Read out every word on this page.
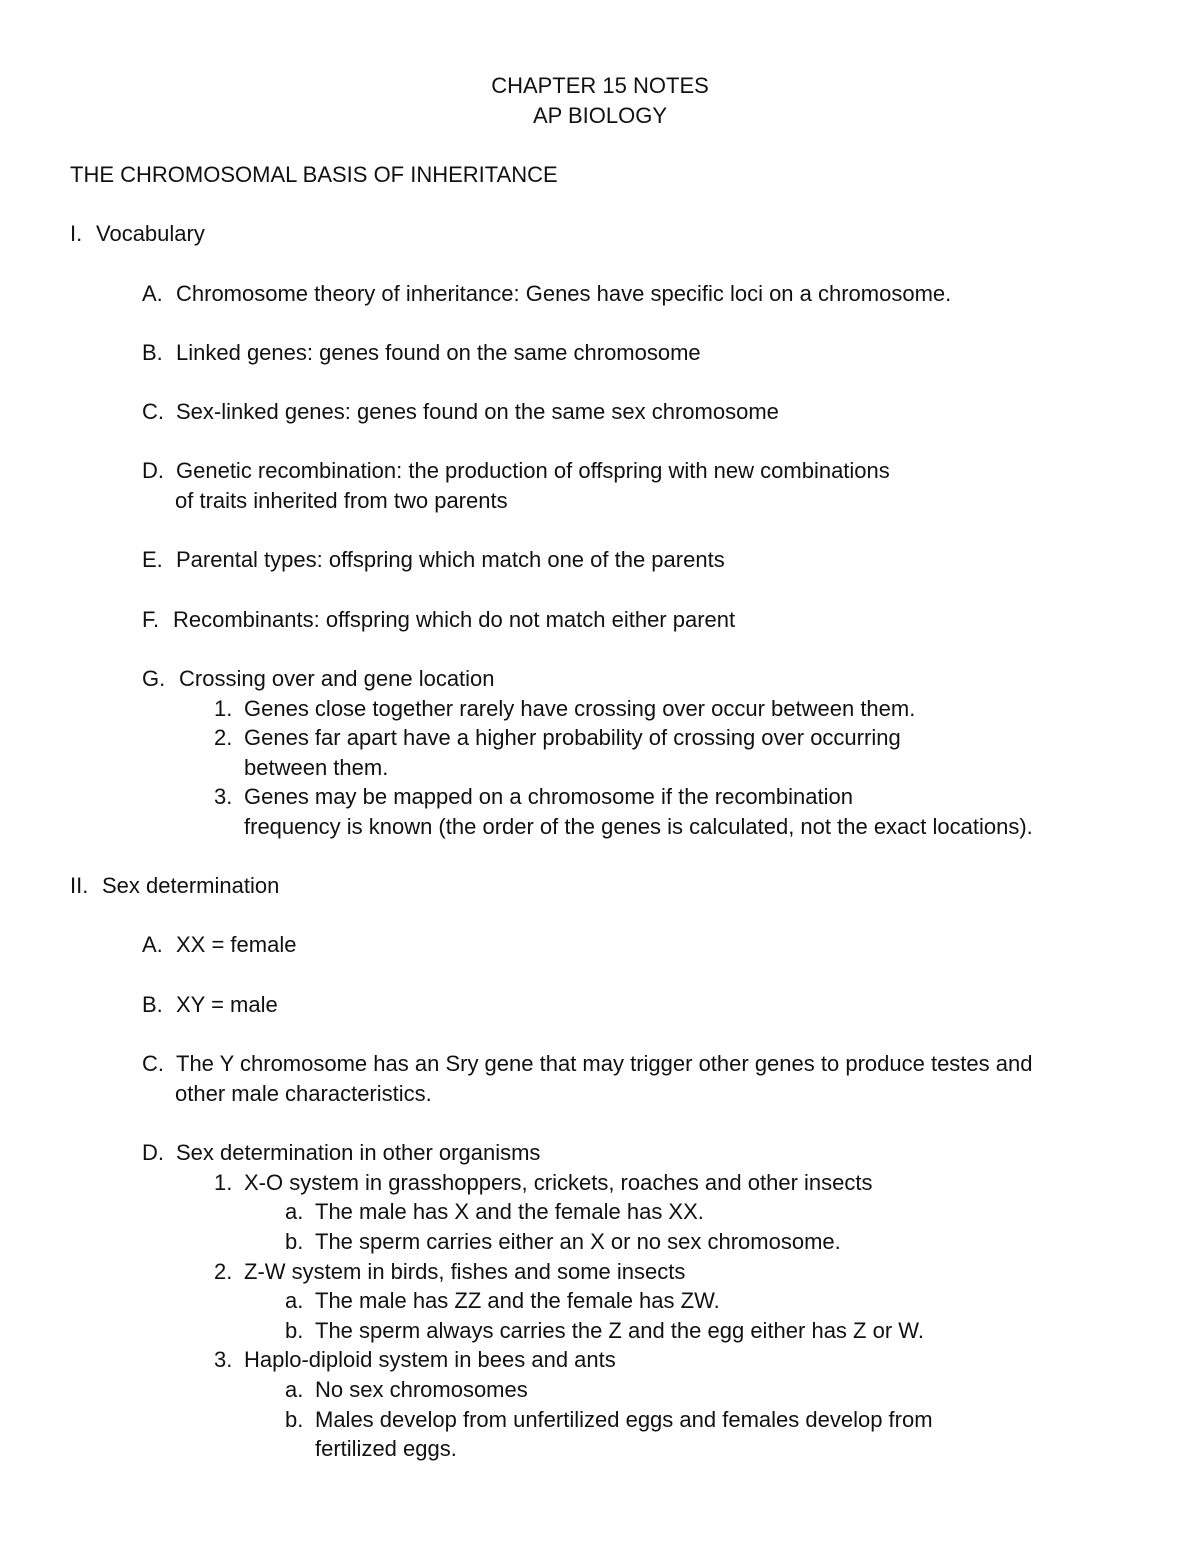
CHAPTER 15 NOTES

AP BIOLOGY

THE CHROMOSOMAL BASIS OF INHERITANCE

I. Vocabulary
A. Chromosome theory of inheritance: Genes have specific loci on a chromosome.
B. Linked genes: genes found on the same chromosome
C. Sex-linked genes: genes found on the same sex chromosome
D. Genetic recombination: the production of offspring with new combinations

of traits inherited from two parents

E. Parental types: offspring which match one of the parents
F. Recombinants: offspring which do not match either parent
G. Crossing over and gene location
1. Genes close together rarely have crossing over occur between them.
2. Genes far apart have a higher probability of crossing over occurring

between them.

3. Genes may be mapped on a chromosome if the recombination

frequency is known (the order of the genes is calculated, not the exact locations).

II. Sex determination
A. XX = female
B. XY = male
C. The Y chromosome has an Sry gene that may trigger other genes to produce testes and

other male characteristics.

D. Sex determination in other organisms
1. X-O system in grasshoppers, crickets, roaches and other insects
a. The male has X and the female has XX.
b. The sperm carries either an X or no sex chromosome.
2. Z-W system in birds, fishes and some insects
a. The male has ZZ and the female has ZW.
b. The sperm always carries the Z and the egg either has Z or W.
3. Haplo-diploid system in bees and ants
a. No sex chromosomes
b. Males develop from unfertilized eggs and females develop from

fertilized eggs.
